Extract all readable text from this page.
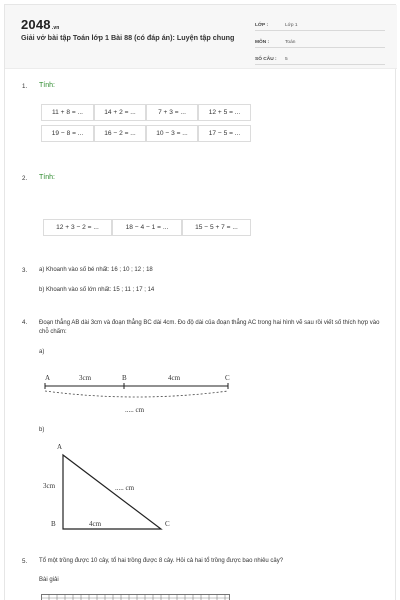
2048.vn
Giải vở bài tập Toán lớp 1 Bài 88 (có đáp án): Luyện tập chung
LỚP :	Lớp 1
MÔN :	Toán
SỐ CÂU :	5
1. Tính:
11 + 8 = ...	14 + 2 = ...	7 + 3 = ...	12 + 5 = ...
19 − 8 = ...	16 − 2 = ...	10 − 3 = ...	17 − 5 = ...
2. Tính:
12 + 3 − 2 = ...	18 − 4 − 1 = ...	15 − 5 + 7 = ...
3. a) Khoanh vào số bé nhất: 16 ; 10 ; 12 ; 18
b) Khoanh vào số lớn nhất: 15 ; 11 ; 17 ; 14
4. Đoạn thẳng AB dài 3cm và đoạn thẳng BC dài 4cm. Đo độ dài của đoạn thẳng AC trong hai hình vẽ sau rồi viết số thích hợp vào chỗ chấm:
a)
A	3cm	B	4cm	C
..... cm
b)
A
3cm	..... cm
B	4cm	C
5. Tổ một trồng được 10 cây, tổ hai trồng được 8 cây. Hỏi cả hai tổ trồng được bao nhiêu cây?
Bài giải
